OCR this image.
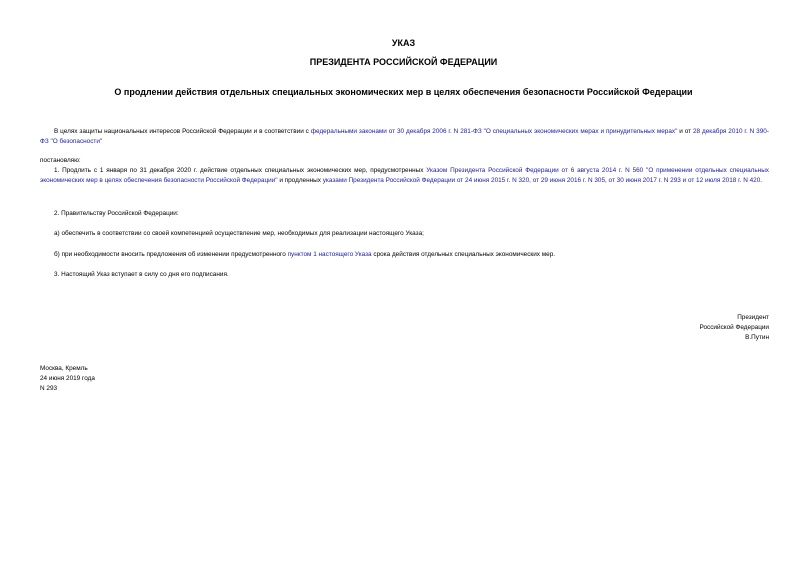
УКАЗ
ПРЕЗИДЕНТА РОССИЙСКОЙ ФЕДЕРАЦИИ
О продлении действия отдельных специальных экономических мер в целях обеспечения безопасности Российской Федерации
В целях защиты национальных интересов Российской Федерации и в соответствии с федеральными законами от 30 декабря 2006 г. N 281-ФЗ "О специальных экономических мерах и принудительных мерах" и от 28 декабря 2010 г. N 390-ФЗ "О безопасности"
постановляю:
1. Продлить с 1 января по 31 декабря 2020 г. действие отдельных специальных экономических мер, предусмотренных Указом Президента Российской Федерации от 6 августа 2014 г. N 560 "О применении отдельных специальных экономических мер в целях обеспечения безопасности Российской Федерации" и продленных указами Президента Российской Федерации от 24 июня 2015 г. N 320, от 29 июня 2016 г. N 305, от 30 июня 2017 г. N 293 и от 12 июля 2018 г. N 420.
2. Правительству Российской Федерации:
а) обеспечить в соответствии со своей компетенцией осуществление мер, необходимых для реализации настоящего Указа;
б) при необходимости вносить предложения об изменении предусмотренного пунктом 1 настоящего Указа срока действия отдельных специальных экономических мер.
3. Настоящий Указ вступает в силу со дня его подписания.
Президент
Российской Федерации
В.Путин
Москва, Кремль
24 июня 2019 года
N 293
